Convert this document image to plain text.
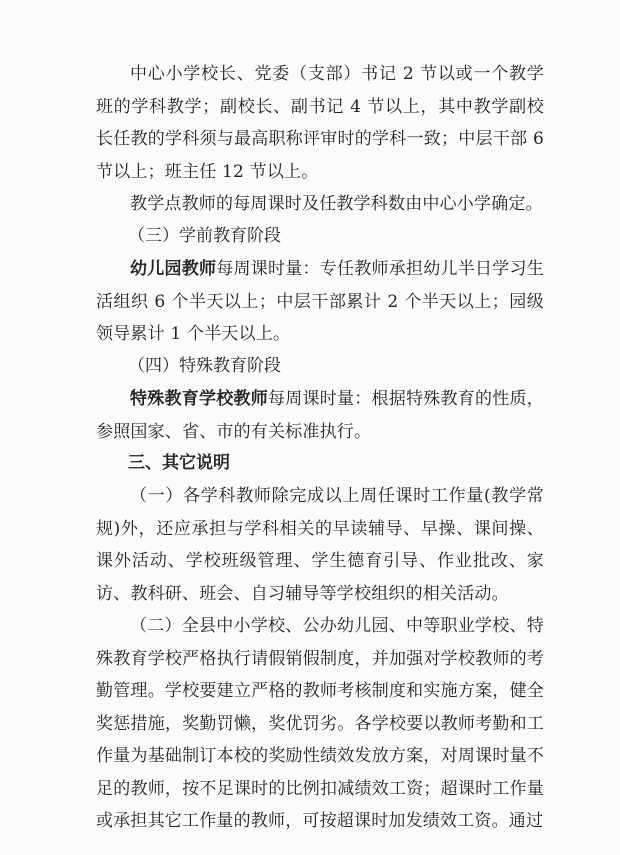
中心小学校长、党委（支部）书记 2 节以或一个教学班的学科教学；副校长、副书记 4 节以上，其中教学副校长任教的学科须与最高职称评审时的学科一致；中层干部 6 节以上；班主任 12 节以上。

教学点教师的每周课时及任教学科数由中心小学确定。

（三）学前教育阶段

幼儿园教师每周课时量：专任教师承担幼儿半日学习生活组织 6 个半天以上；中层干部累计 2 个半天以上；园级领导累计 1 个半天以上。

（四）特殊教育阶段

特殊教育学校教师每周课时量：根据特殊教育的性质，参照国家、省、市的有关标准执行。

三、其它说明

（一）各学科教师除完成以上周任课时工作量(教学常规)外，还应承担与学科相关的早读辅导、早操、课间操、课外活动、学校班级管理、学生德育引导、作业批改、家访、教科研、班会、自习辅导等学校组织的相关活动。

（二）全县中小学校、公办幼儿园、中等职业学校、特殊教育学校严格执行请假销假制度，并加强对学校教师的考勤管理。学校要建立严格的教师考核制度和实施方案，健全奖惩措施，奖勤罚懒，奖优罚劣。各学校要以教师考勤和工作量为基础制订本校的奖励性绩效发放方案，对周课时量不足的教师，按不足课时的比例扣减绩效工资；超课时工作量或承担其它工作量的教师，可按超课时加发绩效工资。通过
